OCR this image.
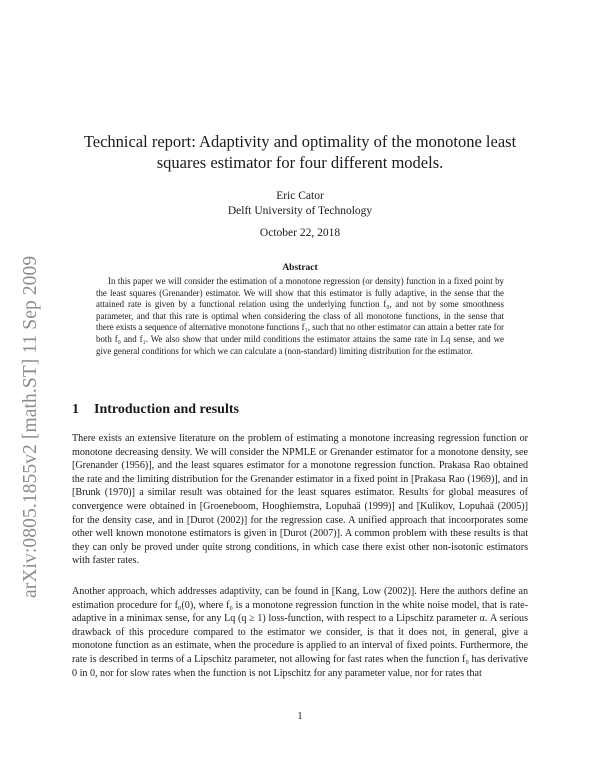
arXiv:0805.1855v2 [math.ST] 11 Sep 2009
Technical report: Adaptivity and optimality of the monotone least squares estimator for four different models.
Eric Cator
Delft University of Technology
October 22, 2018
Abstract
In this paper we will consider the estimation of a monotone regression (or density) function in a fixed point by the least squares (Grenander) estimator. We will show that this estimator is fully adaptive, in the sense that the attained rate is given by a functional relation using the underlying function f₀, and not by some smoothness parameter, and that this rate is optimal when considering the class of all monotone functions, in the sense that there exists a sequence of alternative monotone functions f₁, such that no other estimator can attain a better rate for both f₀ and f₁. We also show that under mild conditions the estimator attains the same rate in Lq sense, and we give general conditions for which we can calculate a (non-standard) limiting distribution for the estimator.
1 Introduction and results
There exists an extensive literature on the problem of estimating a monotone increasing regression function or monotone decreasing density. We will consider the NPMLE or Grenander estimator for a monotone density, see [Grenander (1956)], and the least squares estimator for a monotone regression function. Prakasa Rao obtained the rate and the limiting distribution for the Grenander estimator in a fixed point in [Prakasa Rao (1969)], and in [Brunk (1970)] a similar result was obtained for the least squares estimator. Results for global measures of convergence were obtained in [Groeneboom, Hooghiemstra, Lopuhaä (1999)] and [Kulikov, Lopuhaä (2005)] for the density case, and in [Durot (2002)] for the regression case. A unified approach that incoorporates some other well known monotone estimators is given in [Durot (2007)]. A common problem with these results is that they can only be proved under quite strong conditions, in which case there exist other non-isotonic estimators with faster rates.
Another approach, which addresses adaptivity, can be found in [Kang, Low (2002)]. Here the authors define an estimation procedure for f₀(0), where f₀ is a monotone regression function in the white noise model, that is rate-adaptive in a minimax sense, for any Lq (q ≥ 1) loss-function, with respect to a Lipschitz parameter α. A serious drawback of this procedure compared to the estimator we consider, is that it does not, in general, give a monotone function as an estimate, when the procedure is applied to an interval of fixed points. Furthermore, the rate is described in terms of a Lipschitz parameter, not allowing for fast rates when the function f₀ has derivative 0 in 0, nor for slow rates when the function is not Lipschitz for any parameter value, nor for rates that
1
